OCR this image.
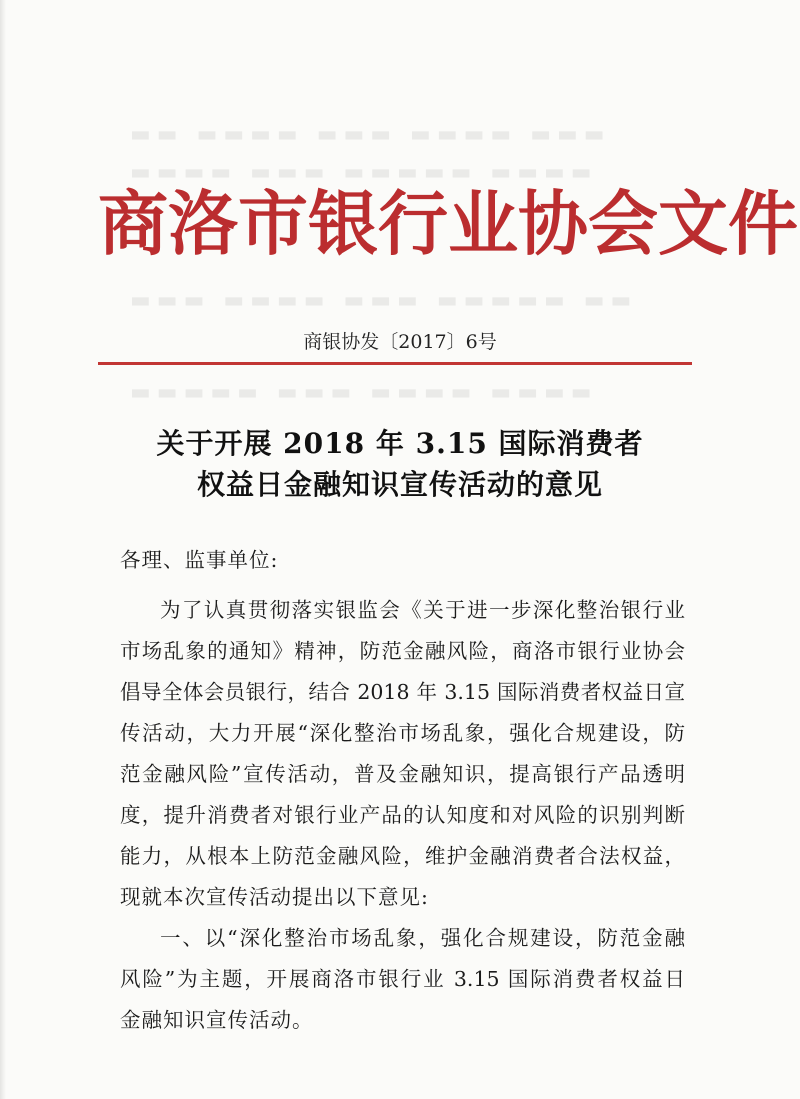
▬▬ ▬▬▬▬ ▬▬▬ ▬▬▬▬ ▬▬▬
▬▬▬▬ ▬▬▬ ▬▬▬▬▬ ▬▬▬▬
▬▬▬ ▬▬▬▬ ▬▬▬ ▬▬▬▬▬ ▬▬
▬▬▬▬▬ ▬▬▬ ▬▬▬▬ ▬▬▬▬
商 洛 市 银 行 业 协 会 文 件
商银协发〔2017〕6号
关于开展 2018 年 3.15 国际消费者
权益日金融知识宣传活动的意见
各理、监事单位:
为了认真贯彻落实银监会《关于进一步深化整治银行业
市场乱象的通知》精神，防范金融风险，商洛市银行业协会
倡导全体会员银行，结合 2018 年 3.15 国际消费者权益日宣
传活动，大力开展“深化整治市场乱象，强化合规建设，防
范金融风险”宣传活动，普及金融知识，提高银行产品透明
度，提升消费者对银行业产品的认知度和对风险的识别判断
能力，从根本上防范金融风险，维护金融消费者合法权益，
现就本次宣传活动提出以下意见:
一、以“深化整治市场乱象，强化合规建设，防范金融
风险”为主题，开展商洛市银行业 3.15 国际消费者权益日
金融知识宣传活动。
